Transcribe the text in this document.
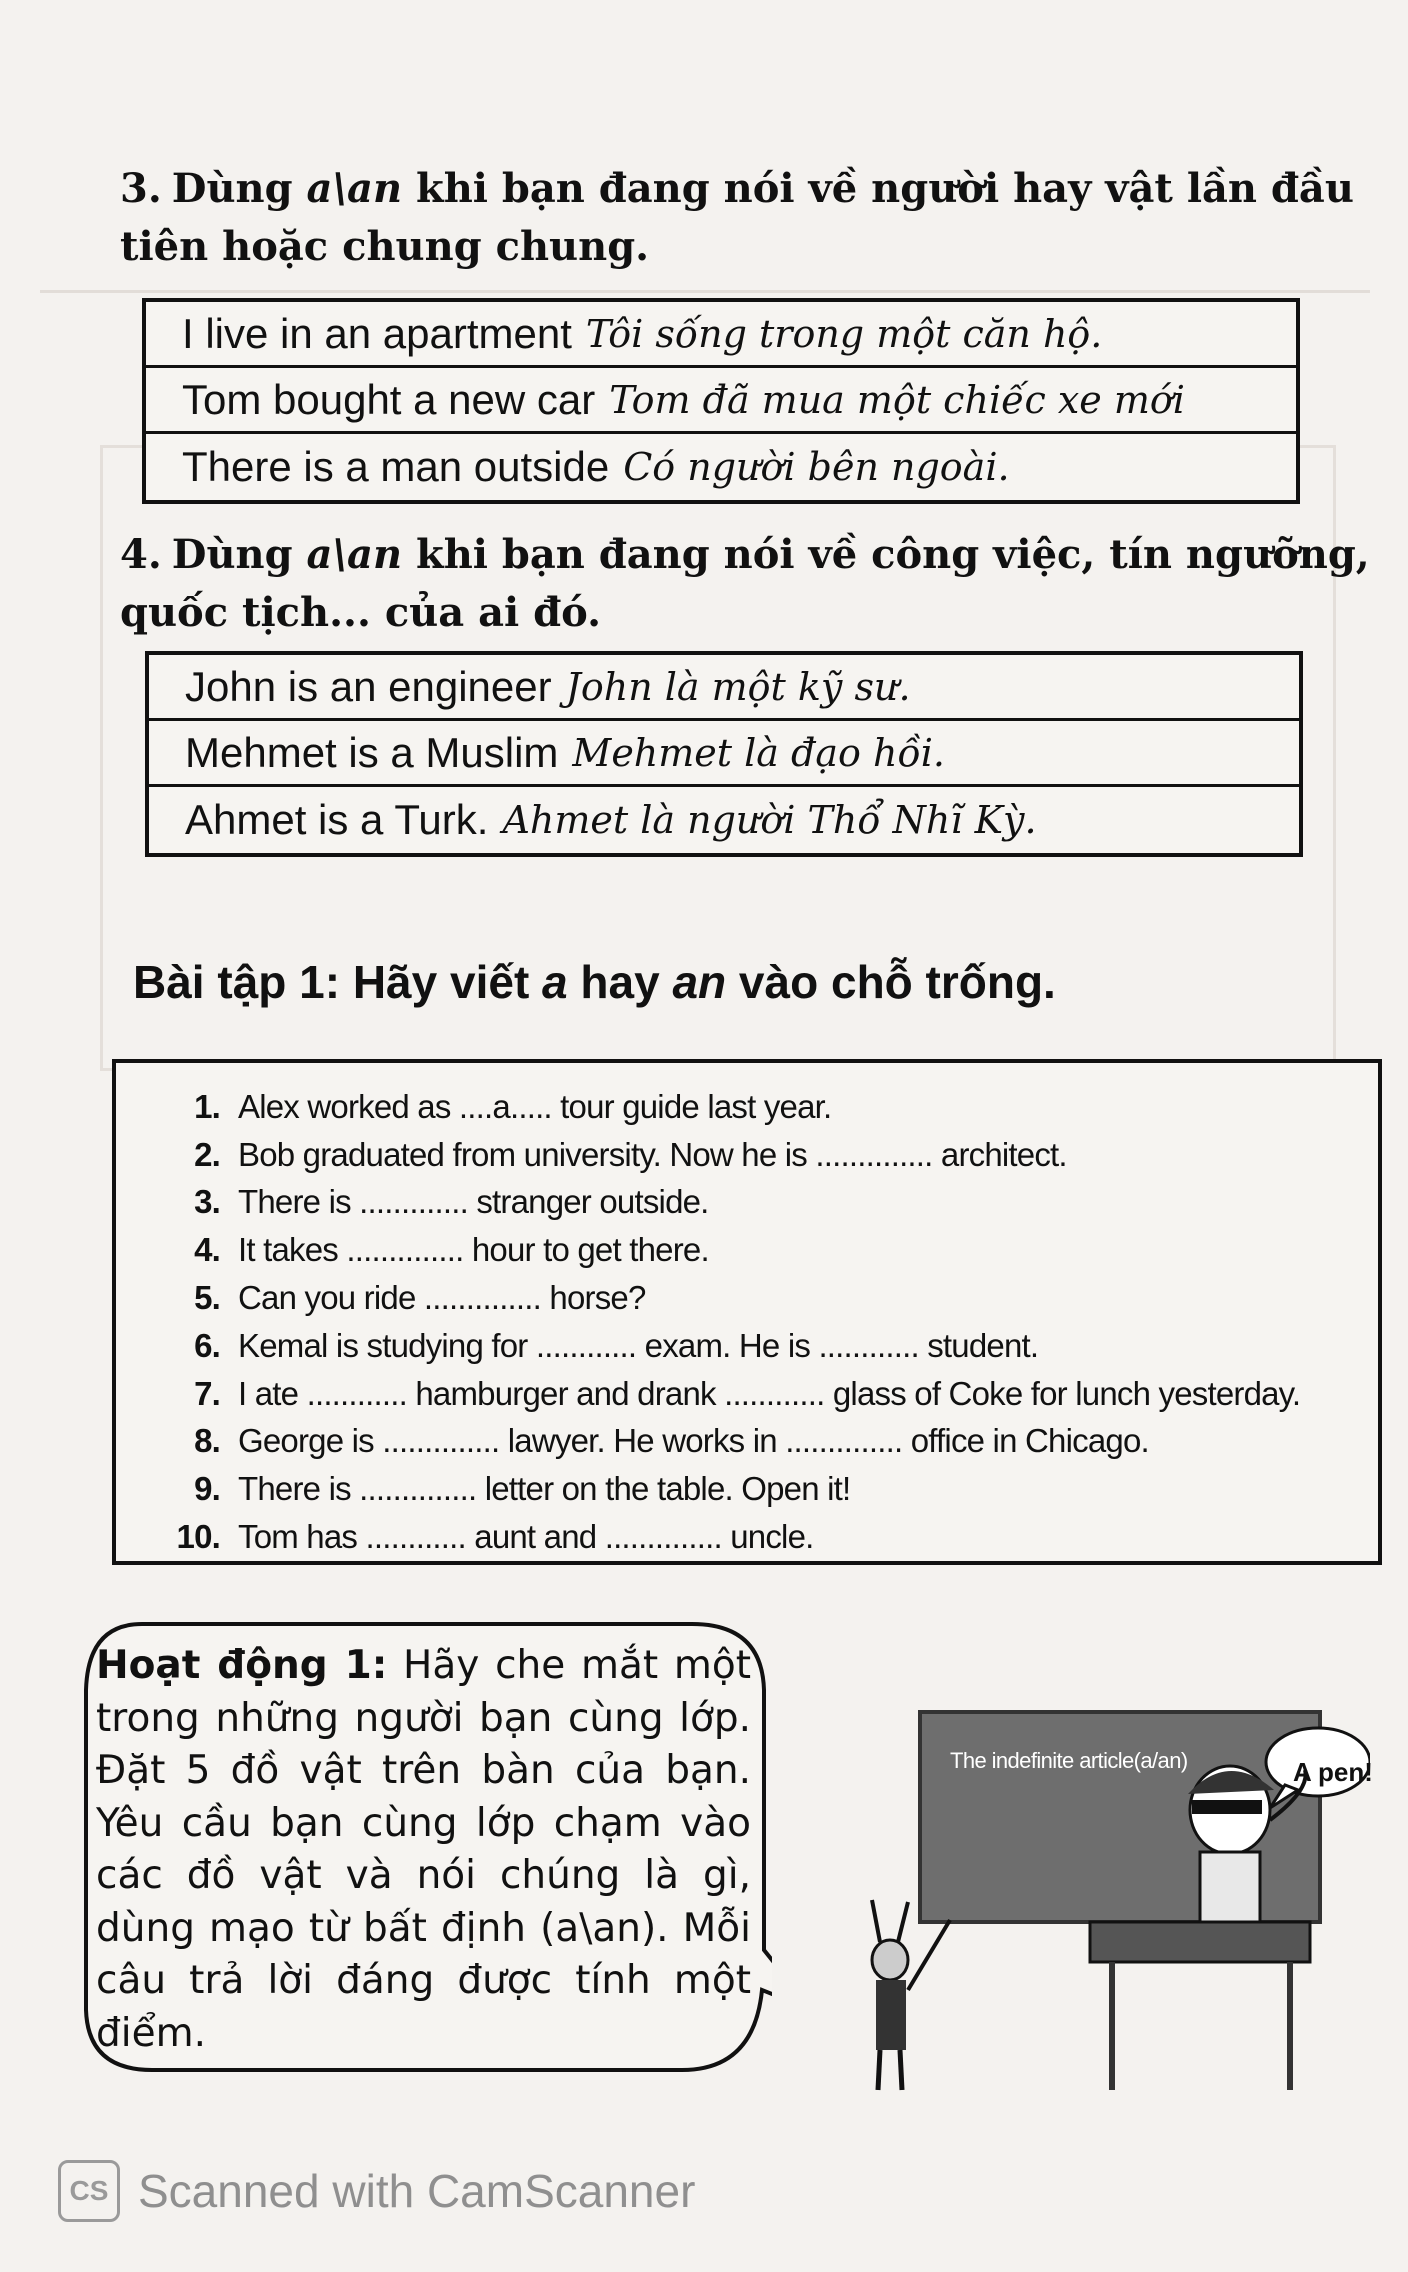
3. Dùng a\an khi bạn đang nói về người hay vật lần đầu tiên hoặc chung chung.
I live in an apartment Tôi sống trong một căn hộ.
Tom bought a new car Tom đã mua một chiếc xe mới
There is a man outside Có người bên ngoài.
4. Dùng a\an khi bạn đang nói về công việc, tín ngưỡng, quốc tịch... của ai đó.
John is an engineer John là một kỹ sư.
Mehmet is a Muslim Mehmet là đạo hồi.
Ahmet is a Turk. Ahmet là người Thổ Nhĩ Kỳ.
Bài tập 1: Hãy viết a hay an vào chỗ trống.
1. Alex worked as ....a..... tour guide last year.
2. Bob graduated from university. Now he is .............. architect.
3. There is ............. stranger outside.
4. It takes .............. hour to get there.
5. Can you ride .............. horse?
6. Kemal is studying for ............ exam. He is ............ student.
7. I ate ............ hamburger and drank ............ glass of Coke for lunch yesterday.
8. George is .............. lawyer. He works in .............. office in Chicago.
9. There is .............. letter on the table. Open it!
10. Tom has ............ aunt and .............. uncle.
Hoạt động 1: Hãy che mắt một trong những người bạn cùng lớp. Đặt 5 đồ vật trên bàn của bạn. Yêu cầu bạn cùng lớp chạm vào các đồ vật và nói chúng là gì, dùng mạo từ bất định (a\an). Mỗi câu trả lời đáng được tính một điểm.
The indefinite article(a/an)	A pen!
CS Scanned with CamScanner
